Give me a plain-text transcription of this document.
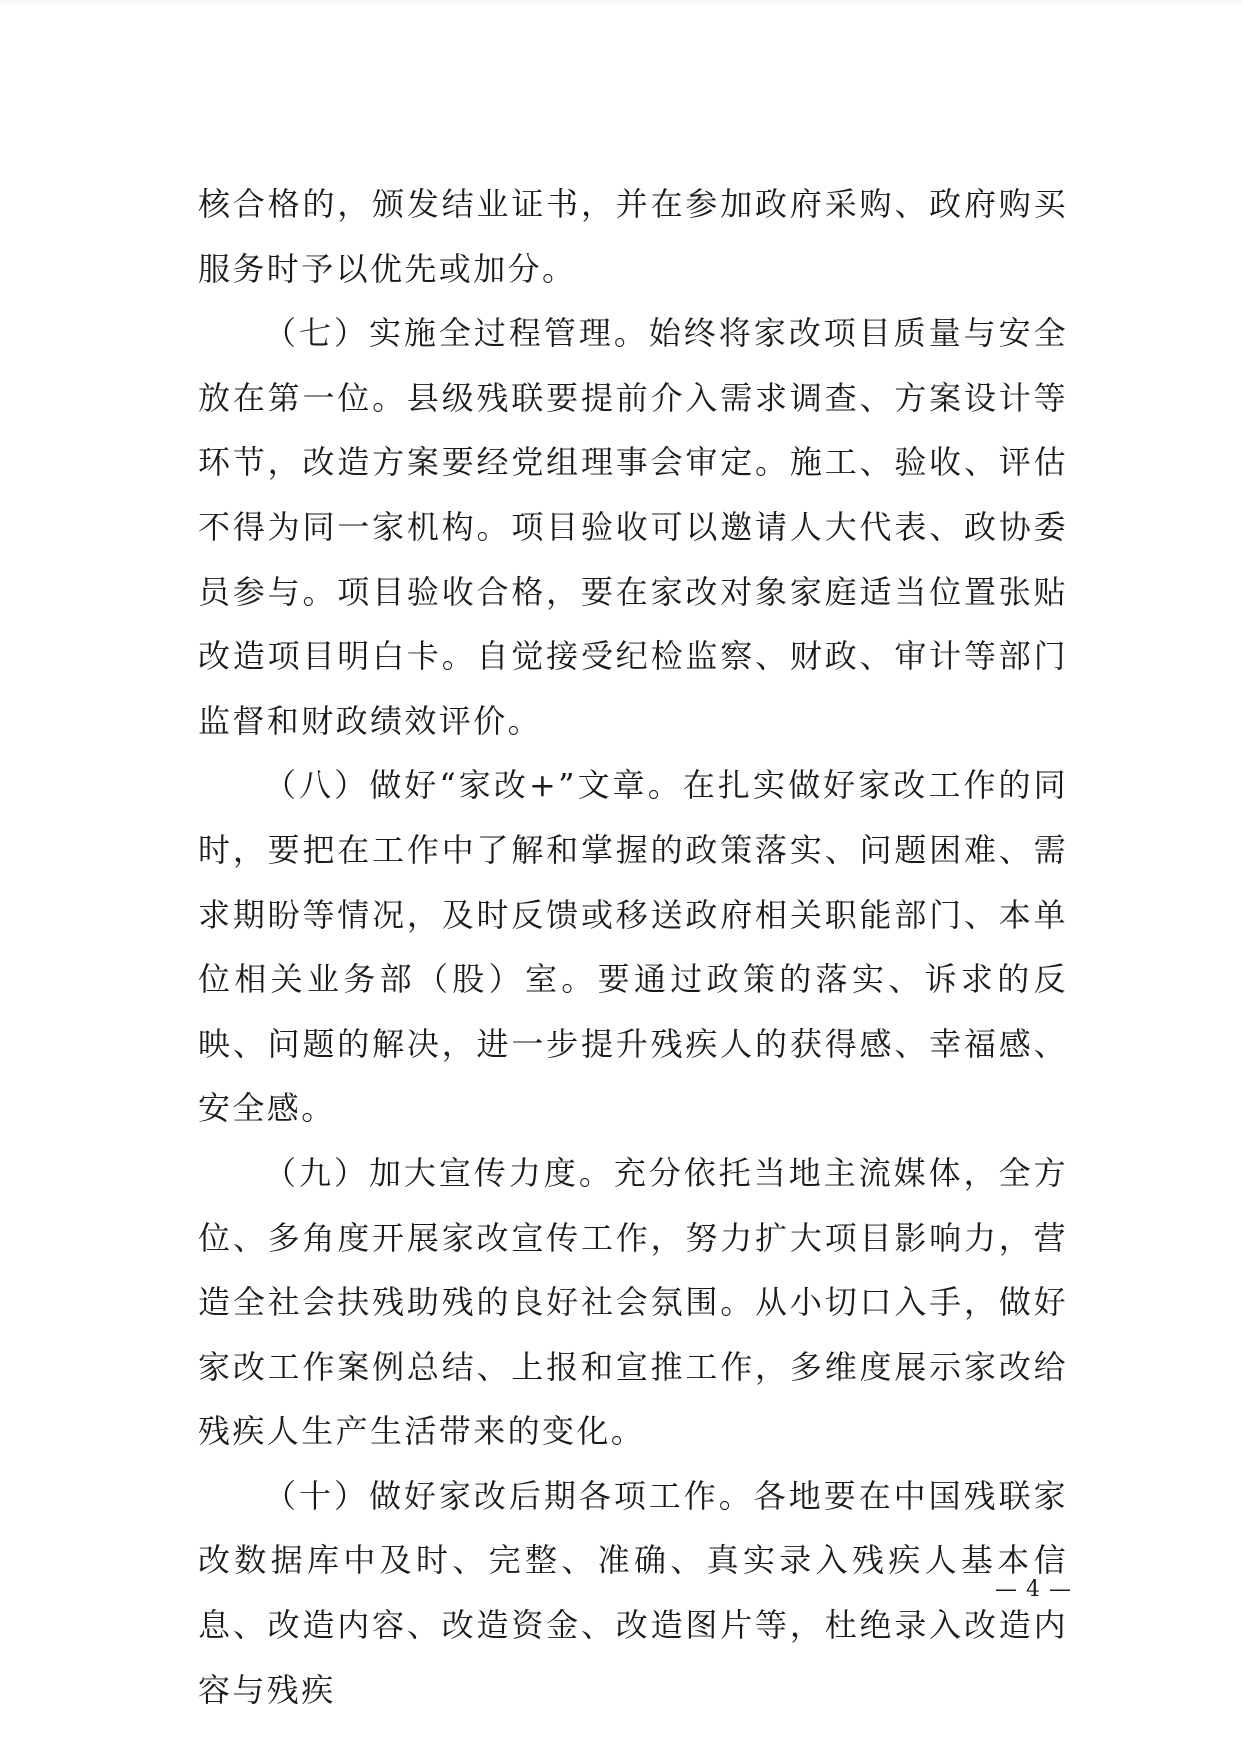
核合格的，颁发结业证书，并在参加政府采购、政府购买服务时予以优先或加分。

（七）实施全过程管理。始终将家改项目质量与安全放在第一位。县级残联要提前介入需求调查、方案设计等环节，改造方案要经党组理事会审定。施工、验收、评估不得为同一家机构。项目验收可以邀请人大代表、政协委员参与。项目验收合格，要在家改对象家庭适当位置张贴改造项目明白卡。自觉接受纪检监察、财政、审计等部门监督和财政绩效评价。

（八）做好“家改+”文章。在扎实做好家改工作的同时，要把在工作中了解和掌握的政策落实、问题困难、需求期盼等情况，及时反馈或移送政府相关职能部门、本单位相关业务部（股）室。要通过政策的落实、诉求的反映、问题的解决，进一步提升残疾人的获得感、幸福感、安全感。

（九）加大宣传力度。充分依托当地主流媒体，全方位、多角度开展家改宣传工作，努力扩大项目影响力，营造全社会扶残助残的良好社会氛围。从小切口入手，做好家改工作案例总结、上报和宣推工作，多维度展示家改给残疾人生产生活带来的变化。

（十）做好家改后期各项工作。各地要在中国残联家改数据库中及时、完整、准确、真实录入残疾人基本信息、改造内容、改造资金、改造图片等，杜绝录入改造内容与残疾

— 4 —
